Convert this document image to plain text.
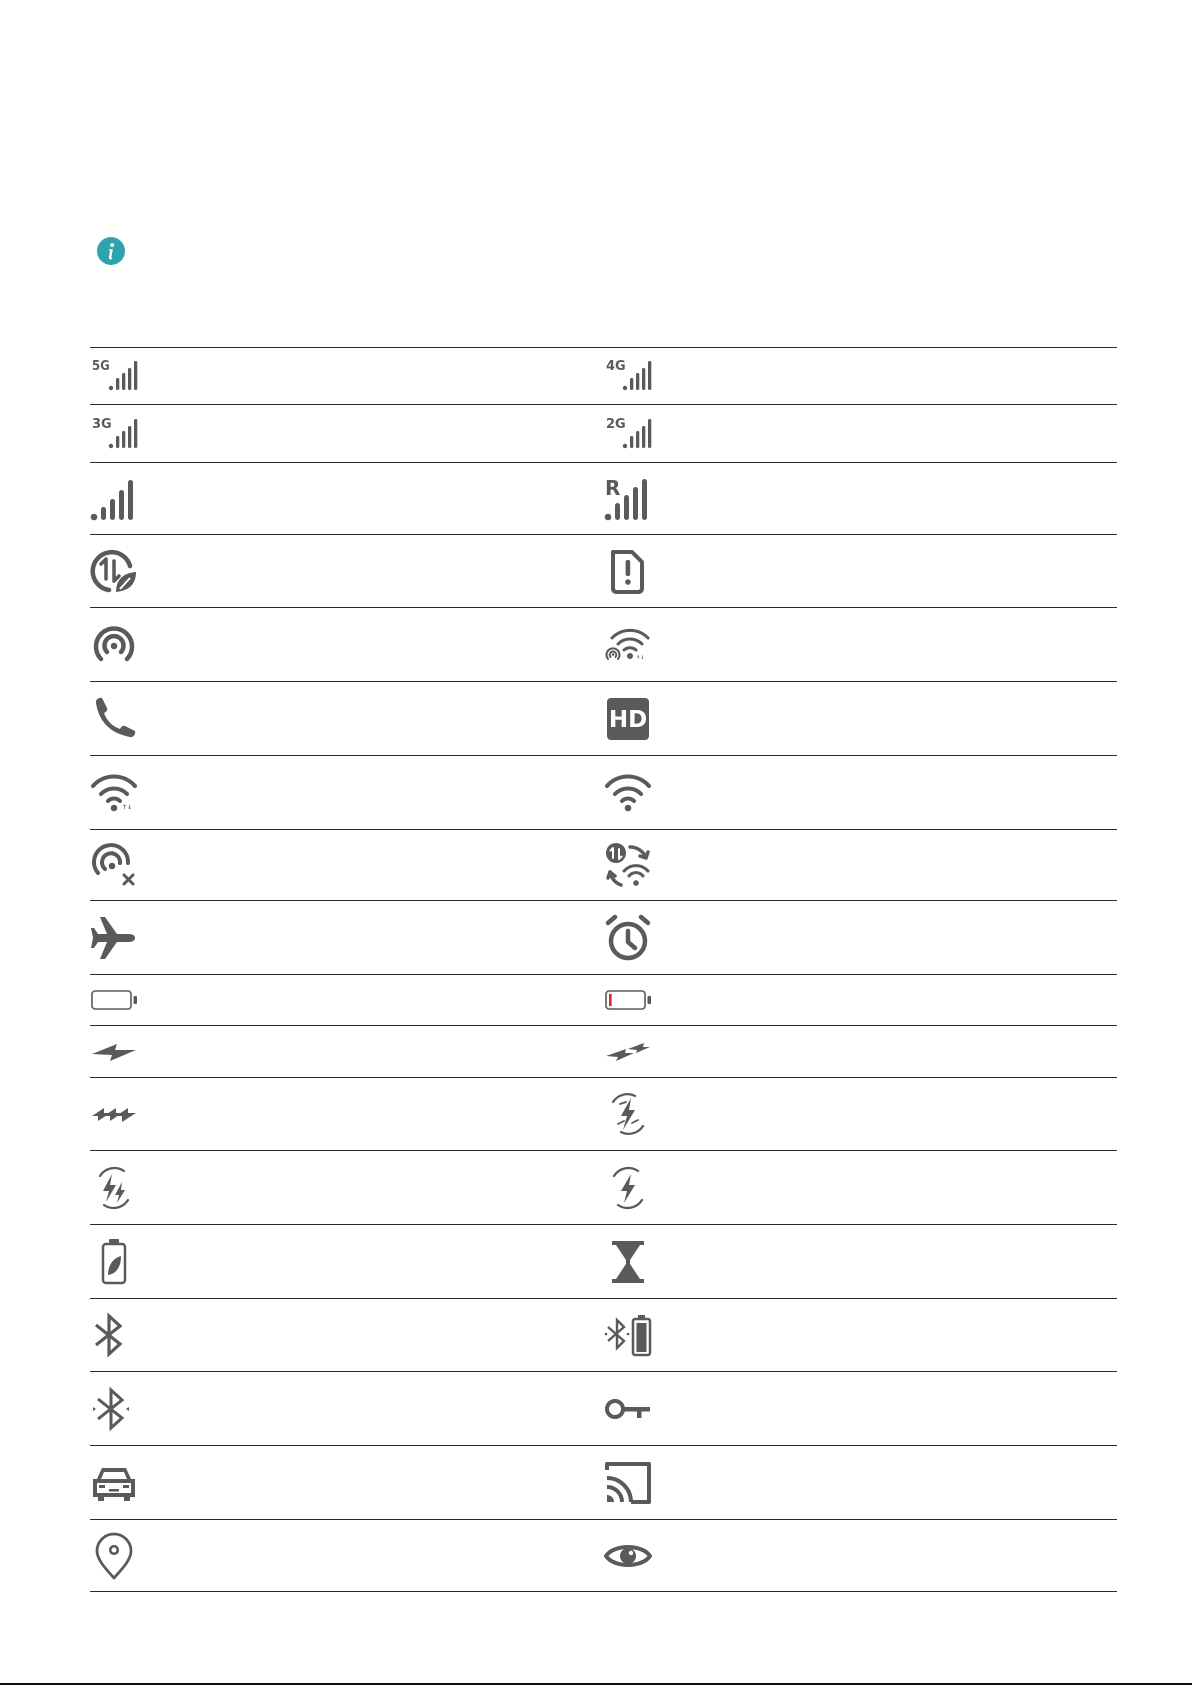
5G	4G
3G	2G
R
↑↓
HD
↑↓
